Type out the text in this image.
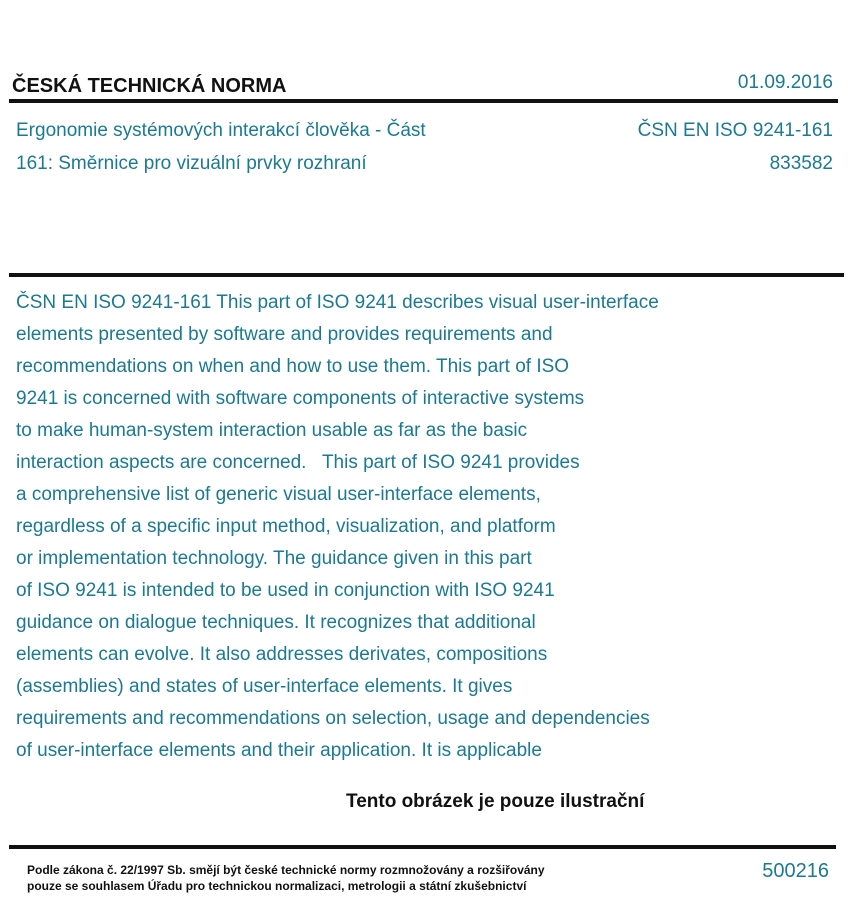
ČESKÁ TECHNICKÁ NORMA	01.09.2016
Ergonomie systémových interakcí člověka - Část
161: Směrnice pro vizuální prvky rozhraní
ČSN EN ISO 9241-161
833582
ČSN EN ISO 9241-161 This part of ISO 9241 describes visual user-interface
elements presented by software and provides requirements and
recommendations on when and how to use them. This part of ISO
9241 is concerned with software components of interactive systems
to make human-system interaction usable as far as the basic
interaction aspects are concerned.   This part of ISO 9241 provides
a comprehensive list of generic visual user-interface elements,
regardless of a specific input method, visualization, and platform
or implementation technology. The guidance given in this part
of ISO 9241 is intended to be used in conjunction with ISO 9241
guidance on dialogue techniques. It recognizes that additional
elements can evolve. It also addresses derivates, compositions
(assemblies) and states of user-interface elements. It gives
requirements and recommendations on selection, usage and dependencies
of user-interface elements and their application. It is applicable
Tento obrázek je pouze ilustrační
Podle zákona č. 22/1997 Sb. smějí být české technické normy rozmnožovány a rozšiřovány
pouze se souhlasem Úřadu pro technickou normalizaci, metrologii a státní zkušebnictví
500216
